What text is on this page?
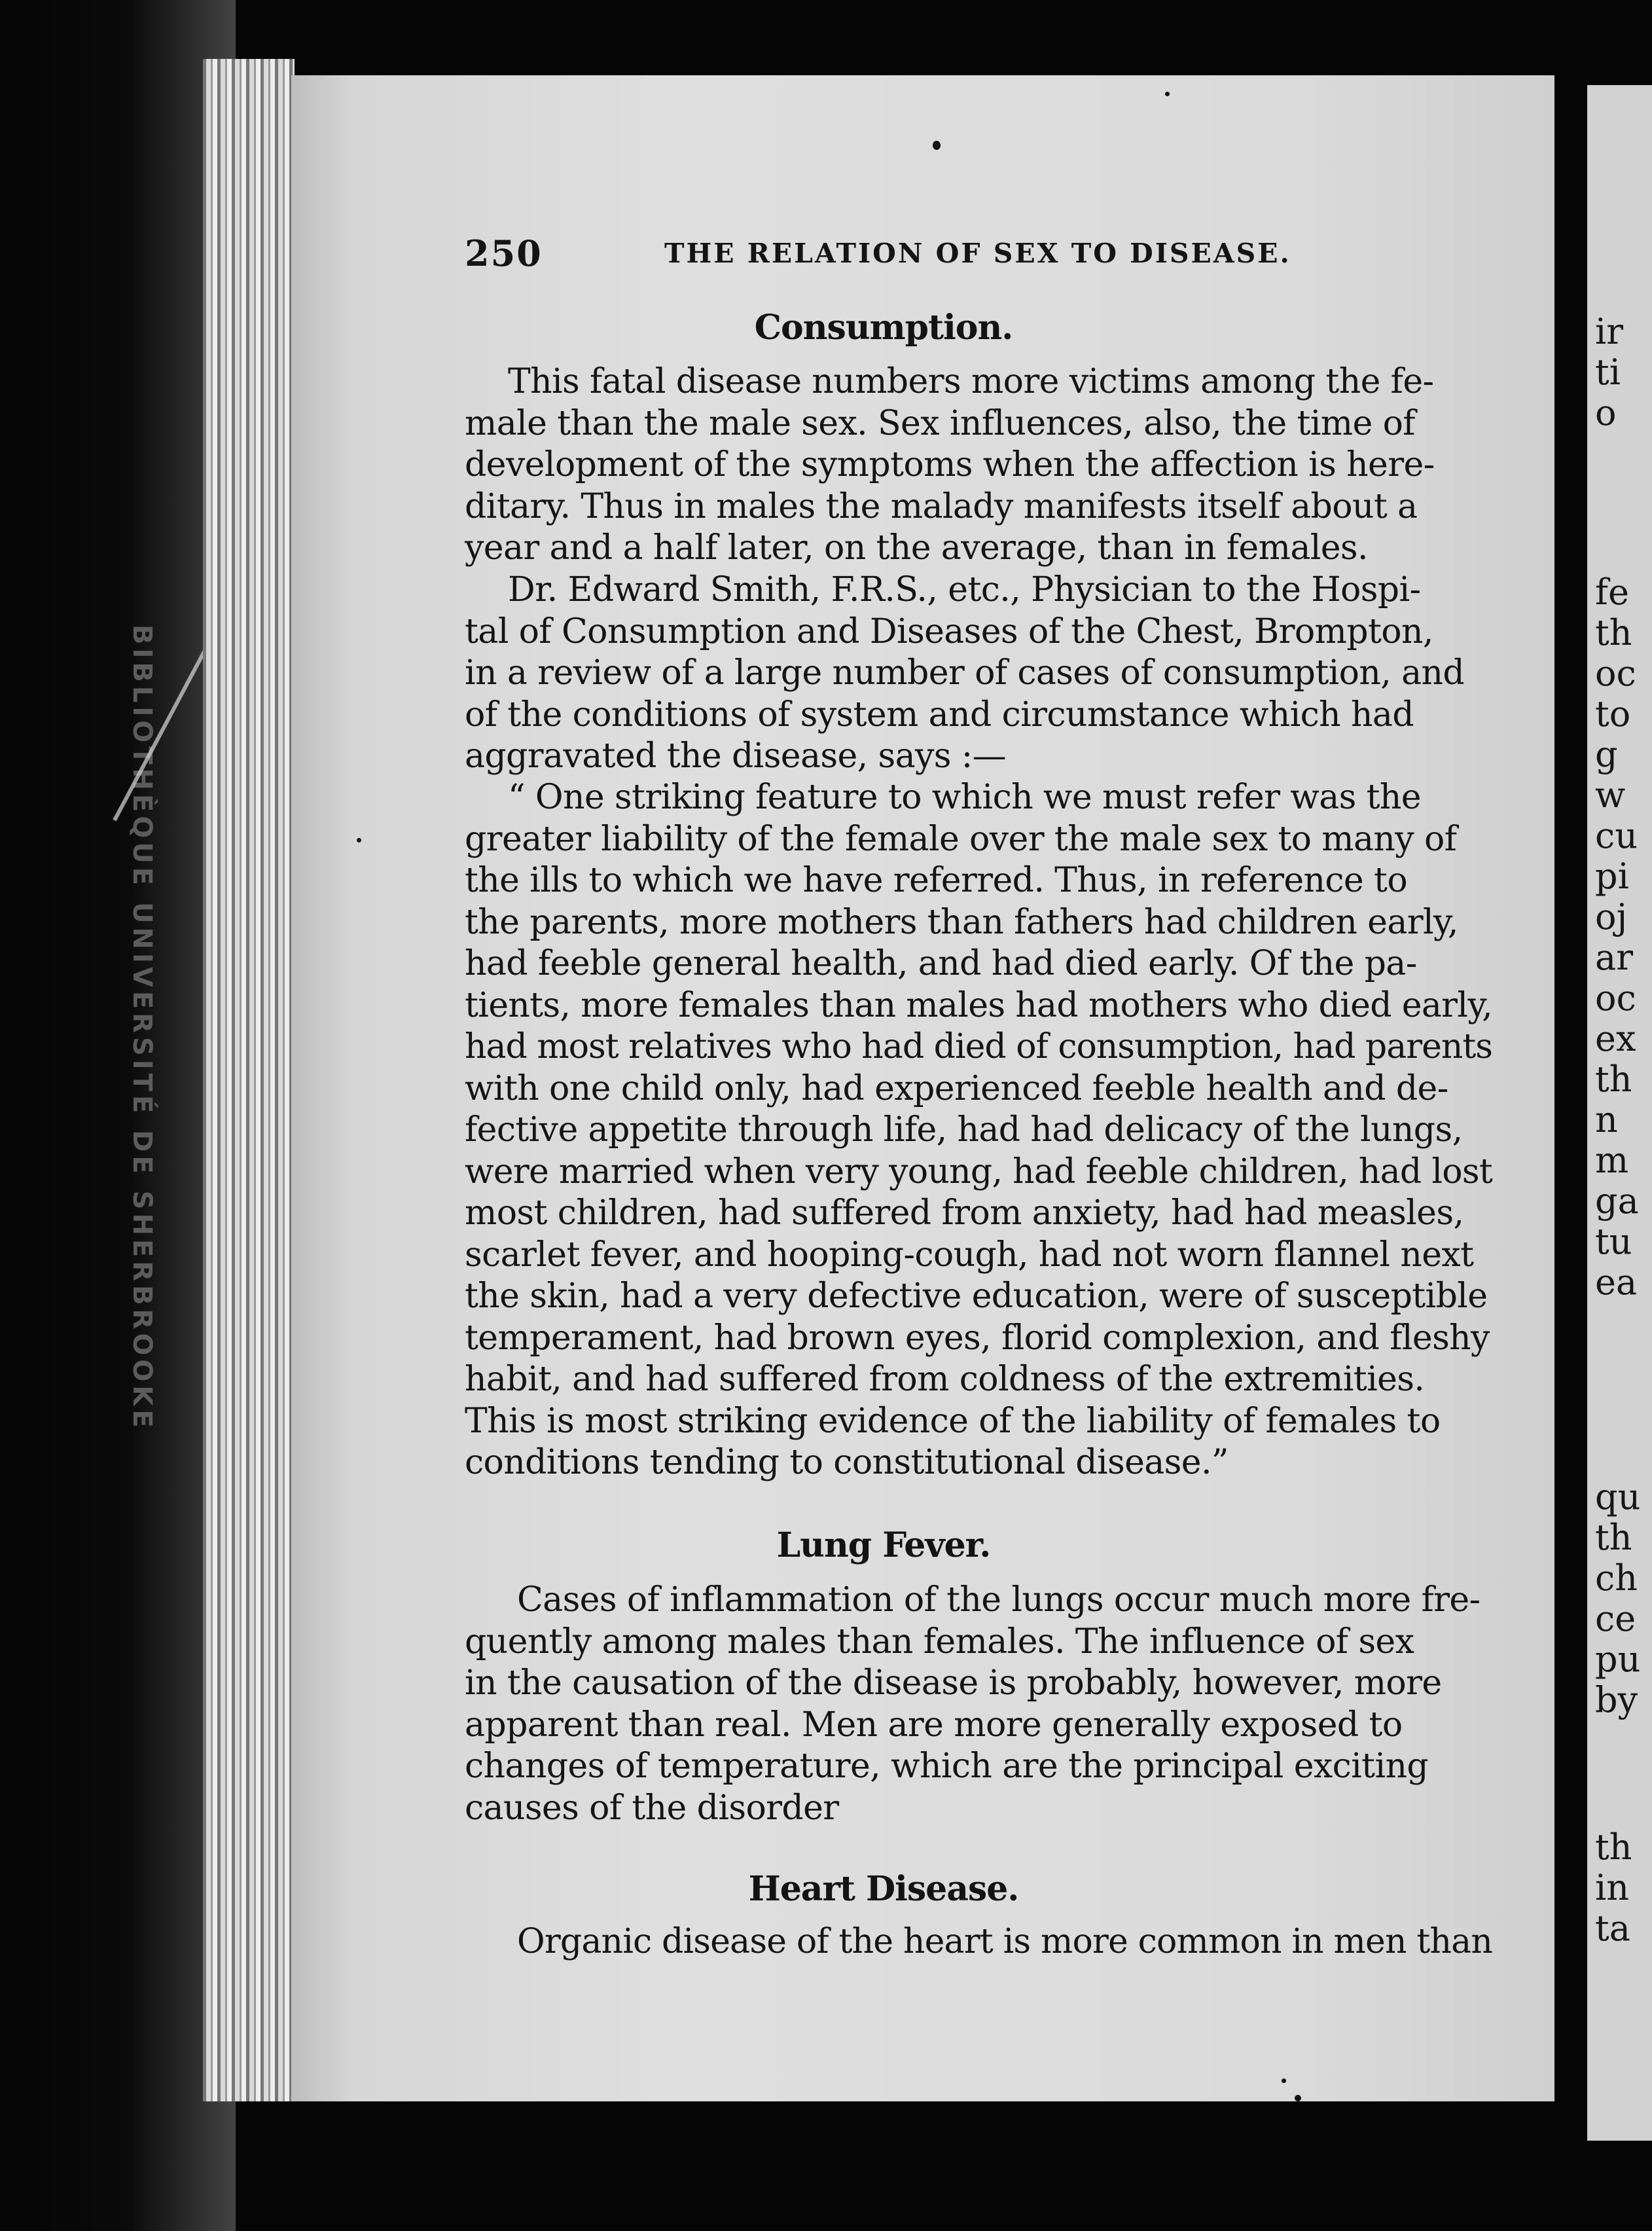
BIBLIOTHÈQUE UNIVERSITÉ DE SHERBROOKE
250	THE RELATION OF SEX TO DISEASE.
Consumption.
This fatal disease numbers more victims among the fe-
male than the male sex. Sex influences, also, the time of
development of the symptoms when the affection is here-
ditary. Thus in males the malady manifests itself about a
year and a half later, on the average, than in females.
Dr. Edward Smith, F.R.S., etc., Physician to the Hospi-
tal of Consumption and Diseases of the Chest, Brompton,
in a review of a large number of cases of consumption, and
of the conditions of system and circumstance which had
aggravated the disease, says :—
“ One striking feature to which we must refer was the
greater liability of the female over the male sex to many of
the ills to which we have referred. Thus, in reference to
the parents, more mothers than fathers had children early,
had feeble general health, and had died early. Of the pa-
tients, more females than males had mothers who died early,
had most relatives who had died of consumption, had parents
with one child only, had experienced feeble health and de-
fective appetite through life, had had delicacy of the lungs,
were married when very young, had feeble children, had lost
most children, had suffered from anxiety, had had measles,
scarlet fever, and hooping-cough, had not worn flannel next
the skin, had a very defective education, were of susceptible
temperament, had brown eyes, florid complexion, and fleshy
habit, and had suffered from coldness of the extremities.
This is most striking evidence of the liability of females to
conditions tending to constitutional disease.”
Lung Fever.
Cases of inflammation of the lungs occur much more fre-
quently among males than females. The influence of sex
in the causation of the disease is probably, however, more
apparent than real. Men are more generally exposed to
changes of temperature, which are the principal exciting
causes of the disorder
Heart Disease.
Organic disease of the heart is more common in men than
ir
ti
o
fe
th
oc
to
g
w
cu
pi
oj
ar
oc
ex
th
n
m
ga
tu
ea
qu
th
ch
ce
pu
by
th
in
ta
